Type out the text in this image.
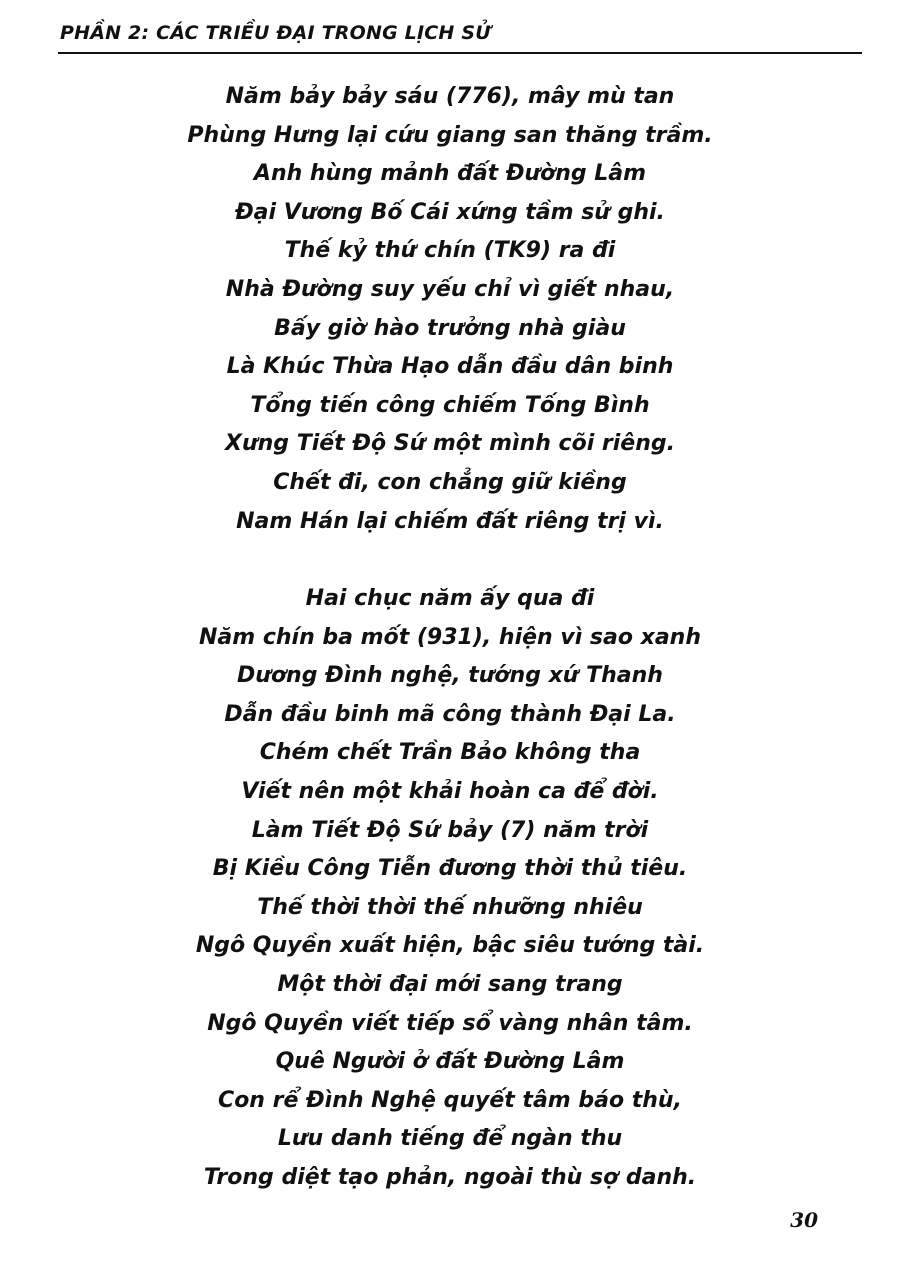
PHẦN 2: CÁC TRIỀU ĐẠI TRONG LỊCH SỬ
Năm bảy bảy sáu (776), mây mù tan
Phùng Hưng lại cứu giang san thăng trầm.
Anh hùng mảnh đất Đường Lâm
Đại Vương Bố Cái xứng tầm sử ghi.
Thế kỷ thứ chín (TK9) ra đi
Nhà Đường suy yếu chỉ vì giết nhau,
Bấy giờ hào trưởng nhà giàu
Là Khúc Thừa Hạo dẫn đầu dân binh
Tổng tiến công chiếm Tống Bình
Xưng Tiết Độ Sứ một mình cõi riêng.
Chết đi, con chẳng giữ kiềng
Nam Hán lại chiếm đất riêng trị vì.
Hai chục năm ấy qua đi
Năm chín ba mốt (931), hiện vì sao xanh
Dương Đình nghệ, tướng xứ Thanh
Dẫn đầu binh mã công thành Đại La.
Chém chết Trần Bảo không tha
Viết nên một khải hoàn ca để đời.
Làm Tiết Độ Sứ bảy (7) năm trời
Bị Kiều Công Tiễn đương thời thủ tiêu.
Thế thời thời thế nhưỡng nhiêu
Ngô Quyền xuất hiện, bậc siêu tướng tài.
Một thời đại mới sang trang
Ngô Quyền viết tiếp sổ vàng nhân tâm.
Quê Người ở đất Đường Lâm
Con rể Đình Nghệ quyết tâm báo thù,
Lưu danh tiếng để ngàn thu
Trong diệt tạo phản, ngoài thù sợ danh.
30
